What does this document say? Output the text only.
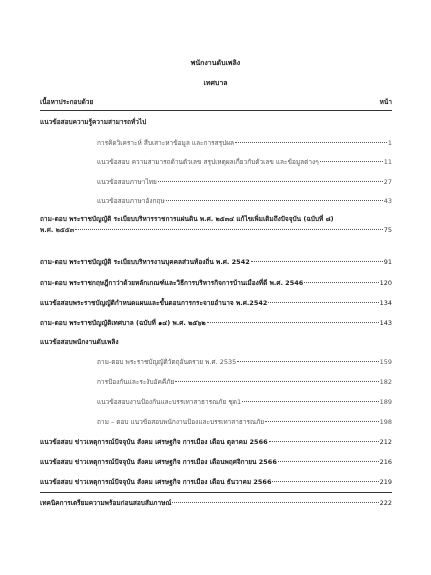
พนักงานดับเพลิง
เทศบาล
เนื้อหาประกอบด้วย	หน้า
แนวข้อสอบความรู้ความสามารถทั่วไป
การคิดวิเคราะห์ สืบเสาะหาข้อมูล และการสรุปผล	1
แนวข้อสอบ ความสามารถด้านตัวเลข สรุปเหตุผลเกี่ยวกับตัวเลข และข้อมูลต่างๆ	11
แนวข้อสอบภาษาไทย	27
แนวข้อสอบภาษาอังกฤษ	43
ถาม-ตอบ พระราชบัญญัติ ระเบียบบริหารราชการแผ่นดิน พ.ศ. ๒๕๓๔ แก้ไขเพิ่มเติมถึงปัจจุบัน (ฉบับที่ ๘)
พ.ศ. ๒๕๕๓	75
ถาม-ตอบ พระราชบัญญัติ ระเบียบบริหารงานบุคคลส่วนท้องถิ่น พ.ศ. 2542	91
ถาม-ตอบ พระราชกฤษฎีกาว่าด้วยหลักเกณฑ์และวิธีการบริหารกิจการบ้านเมืองที่ดี พ.ศ. 2546	120
แนวข้อสอบพระราชบัญญัติกำหนดแผนและขั้นตอนการกระจายอำนาจ พ.ศ.2542	134
ถาม-ตอบ พระราชบัญญัติเทศบาล (ฉบับที่ ๑๔) พ.ศ. ๒๕๖๒	143
แนวข้อสอบพนักงานดับเพลิง
ถาม-ตอบ พระราชบัญญัติวัตถุอันตราย พ.ศ. 2535	159
การป้องกันและระงับอัคคีภัย	182
แนวข้อสอบงานป้องกันและบรรเทาสาธารณภัย ชุด1	189
ถาม – ตอบ แนวข้อสอบพนักงานป้องและบรรเทาสาธารณภัย	198
แนวข้อสอบ ข่าวเหตุการณ์ปัจจุบัน สังคม เศรษฐกิจ การเมือง เดือน ตุลาคม 2566	212
แนวข้อสอบ ข่าวเหตุการณ์ปัจจุบัน สังคม เศรษฐกิจ การเมือง เดือนพฤศจิกายน 2566	216
แนวข้อสอบ ข่าวเหตุการณ์ปัจจุบัน สังคม เศรษฐกิจ การเมือง เดือน ธันวาคม 2566	219
เทคนิคการเตรียมความพร้อมก่อนสอบสัมภาษณ์	222
